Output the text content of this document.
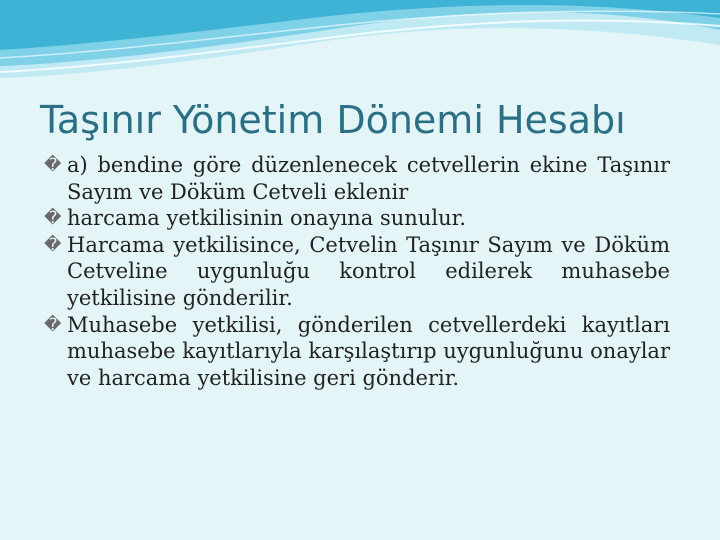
Taşınır Yönetim Dönemi Hesabı
� a) bendine göre düzenlenecek cetvellerin ekine Taşınır Sayım ve Döküm Cetveli eklenir
� harcama yetkilisinin onayına sunulur.
� Harcama yetkilisince, Cetvelin Taşınır Sayım ve Döküm Cetveline uygunluğu kontrol edilerek muhasebe yetkilisine gönderilir.
� Muhasebe yetkilisi, gönderilen cetvellerdeki kayıtları muhasebe kayıtlarıyla karşılaştırıp uygunluğunu onaylar ve harcama yetkilisine geri gönderir.
